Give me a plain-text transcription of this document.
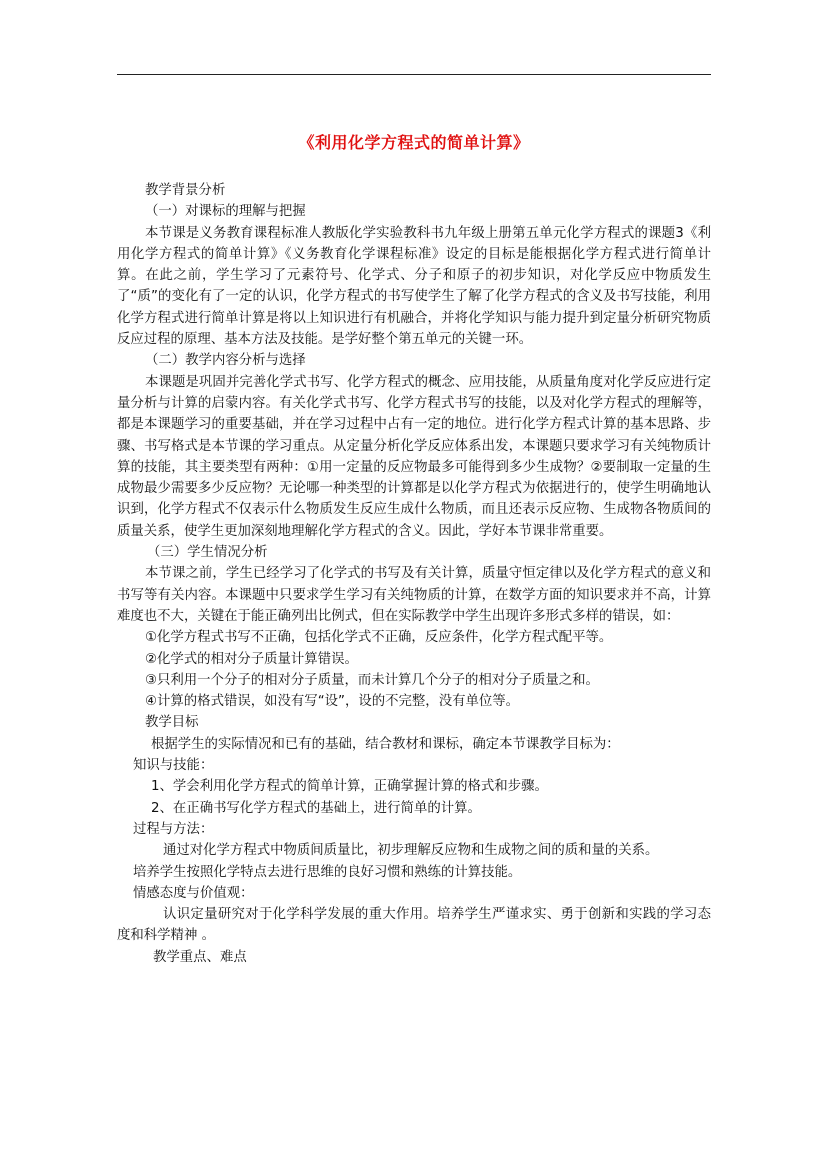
《利用化学方程式的简单计算》

教学背景分析

（一）对课标的理解与把握

本节课是义务教育课程标准人教版化学实验教科书九年级上册第五单元化学方程式的课题3《利用化学方程式的简单计算》《义务教育化学课程标准》设定的目标是能根据化学方程式进行简单计算。在此之前，学生学习了元素符号、化学式、分子和原子的初步知识，对化学反应中物质发生了“质”的变化有了一定的认识，化学方程式的书写使学生了解了化学方程式的含义及书写技能，利用化学方程式进行简单计算是将以上知识进行有机融合，并将化学知识与能力提升到定量分析研究物质反应过程的原理、基本方法及技能。是学好整个第五单元的关键一环。

（二）教学内容分析与选择

本课题是巩固并完善化学式书写、化学方程式的概念、应用技能，从质量角度对化学反应进行定量分析与计算的启蒙内容。有关化学式书写、化学方程式书写的技能，以及对化学方程式的理解等，都是本课题学习的重要基础，并在学习过程中占有一定的地位。进行化学方程式计算的基本思路、步骤、书写格式是本节课的学习重点。从定量分析化学反应体系出发，本课题只要求学习有关纯物质计算的技能，其主要类型有两种：①用一定量的反应物最多可能得到多少生成物？②要制取一定量的生成物最少需要多少反应物？无论哪一种类型的计算都是以化学方程式为依据进行的，使学生明确地认识到，化学方程式不仅表示什么物质发生反应生成什么物质，而且还表示反应物、生成物各物质间的质量关系，使学生更加深刻地理解化学方程式的含义。因此，学好本节课非常重要。

（三）学生情况分析

本节课之前，学生已经学习了化学式的书写及有关计算，质量守恒定律以及化学方程式的意义和书写等有关内容。本课题中只要求学生学习有关纯物质的计算，在数学方面的知识要求并不高，计算难度也不大，关键在于能正确列出比例式，但在实际教学中学生出现许多形式多样的错误，如：

①化学方程式书写不正确，包括化学式不正确，反应条件，化学方程式配平等。

②化学式的相对分子质量计算错误。

③只利用一个分子的相对分子质量，而未计算几个分子的相对分子质量之和。

④计算的格式错误，如没有写“设”，设的不完整，没有单位等。

教学目标

根据学生的实际情况和已有的基础，结合教材和课标，确定本节课教学目标为：

知识与技能：

1、学会利用化学方程式的简单计算，正确掌握计算的格式和步骤。

2、在正确书写化学方程式的基础上，进行简单的计算。

过程与方法：

通过对化学方程式中物质间质量比，初步理解反应物和生成物之间的质和量的关系。

培养学生按照化学特点去进行思维的良好习惯和熟练的计算技能。

情感态度与价值观：

认识定量研究对于化学科学发展的重大作用。培养学生严谨求实、勇于创新和实践的学习态度和科学精神 。

教学重点、难点
